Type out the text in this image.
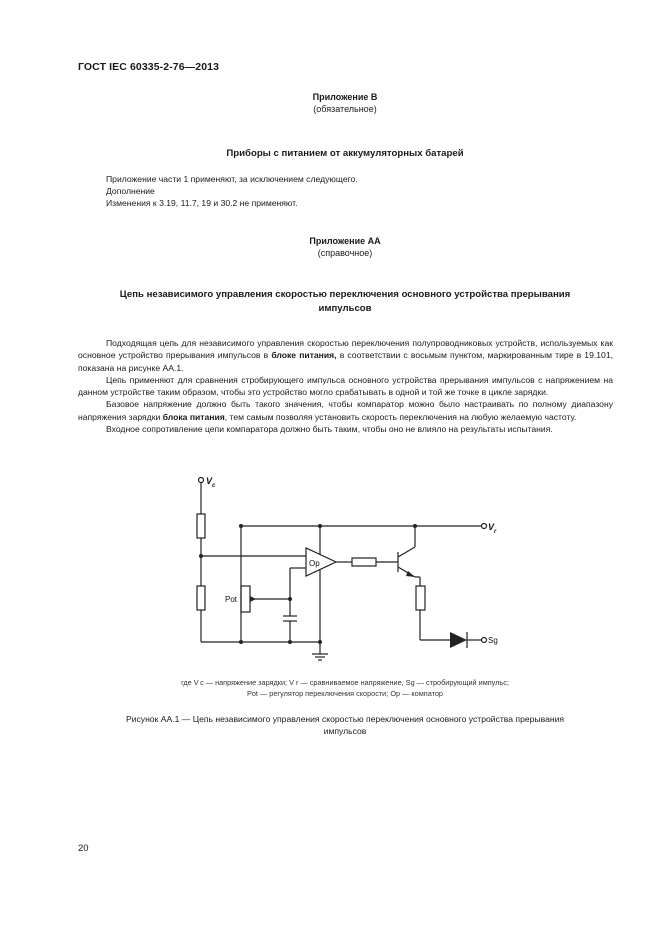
ГОСТ IEC 60335-2-76—2013
Приложение В
(обязательное)
Приборы с питанием от аккумуляторных батарей
Приложение части 1 применяют, за исключением следующего.
Дополнение
Изменения к 3.19, 11.7, 19 и 30.2 не применяют.
Приложение АА
(справочное)
Цепь независимого управления скоростью переключения основного устройства прерывания
импульсов

Подходящая цепь для независимого управления скоростью переключения полупроводниковых устройств, используемых как основное устройство прерывания импульсов в блоке питания, в соответствии с восьмым пунктом, маркированным тире в 19.101, показана на рисунке АА.1.

Цепь применяют для сравнения стробирующего импульса основного устройства прерывания импульсов с напряжением на данном устройстве таким образом, чтобы это устройство могло срабатывать в одной и той же точке в цикле зарядки.

Базовое напряжение должно быть такого значения, чтобы компаратор можно было настраивать по полному диапазону напряжения зарядки блока питания, тем самым позволяя установить скорость переключения на любую желаемую частоту.

Входное сопротивление цепи компаратора должно быть таким, чтобы оно не влияло на результаты испытания.

$V_c$
$V_r$
Op
Pot
Sg
где V c — напряжение зарядки; V r — сравниваемое напряжение, Sg — стробирующий импульс;
Pot — регулятор переключения скорости; Op — компатор
Рисунок АА.1 — Цепь независимого управления скоростью переключения основного устройства прерывания
импульсов
20
